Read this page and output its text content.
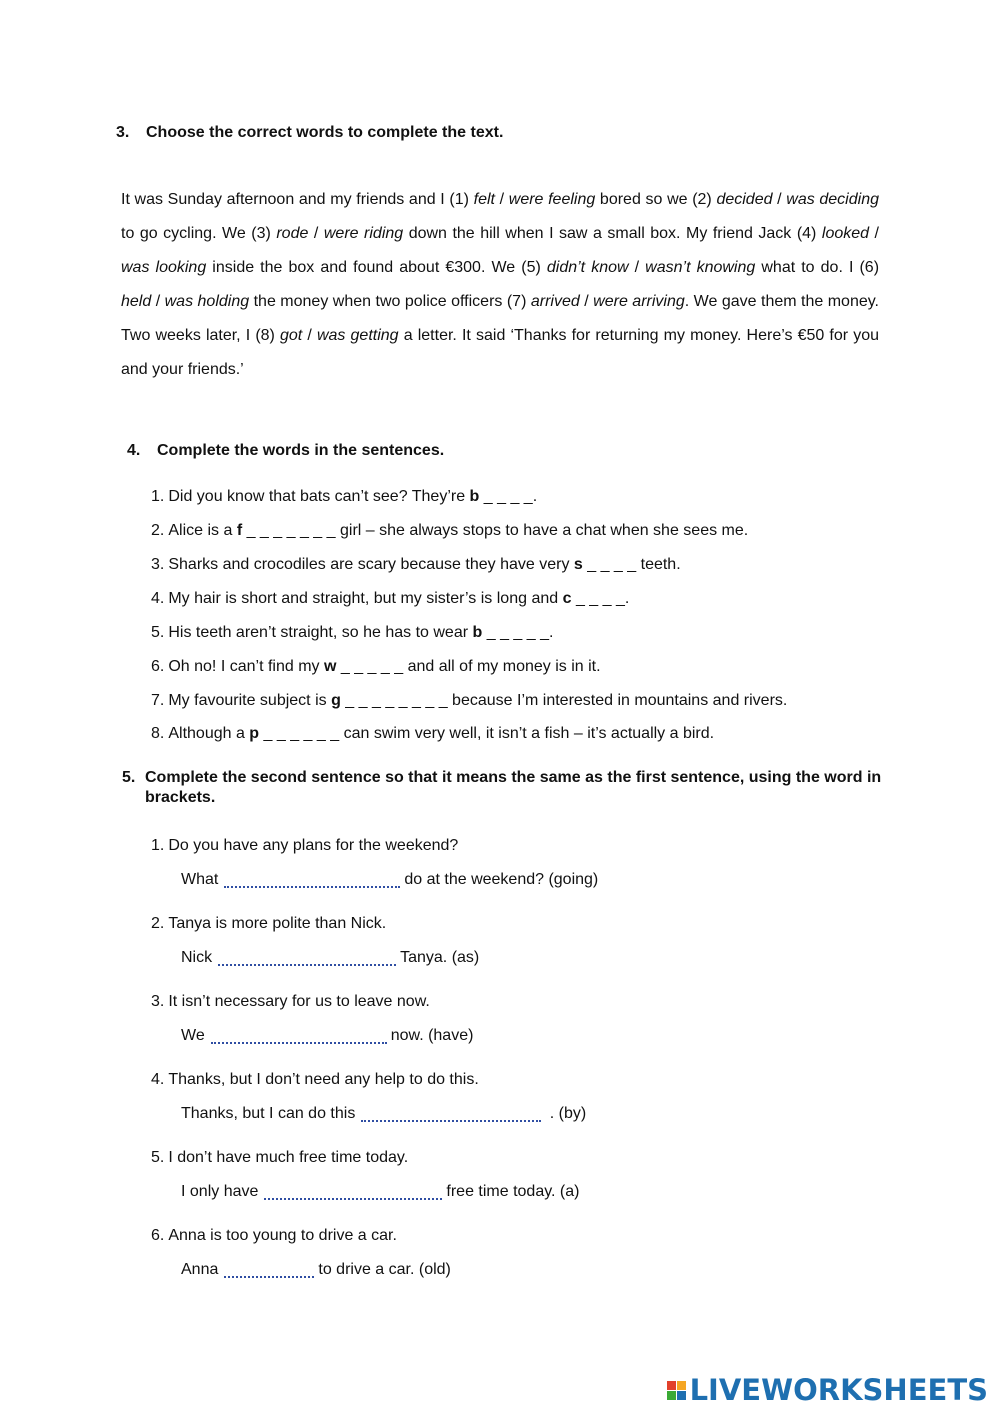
3. Choose the correct words to complete the text.
It was Sunday afternoon and my friends and I (1) felt / were feeling bored so we (2) decided / was deciding to go cycling. We (3) rode / were riding down the hill when I saw a small box. My friend Jack (4) looked / was looking inside the box and found about €300. We (5) didn’t know / wasn’t knowing what to do. I (6) held / was holding the money when two police officers (7) arrived / were arriving. We gave them the money. Two weeks later, I (8) got / was getting a letter. It said ‘Thanks for returning my money. Here’s €50 for you and your friends.’
4. Complete the words in the sentences.
1. Did you know that bats can’t see? They’re b _ _ _ _.
2. Alice is a f _ _ _ _ _ _ _ girl – she always stops to have a chat when she sees me.
3. Sharks and crocodiles are scary because they have very s _ _ _ _ teeth.
4. My hair is short and straight, but my sister’s is long and c _ _ _ _.
5. His teeth aren’t straight, so he has to wear b _ _ _ _ _.
6. Oh no! I can’t find my w _ _ _ _ _ and all of my money is in it.
7. My favourite subject is g _ _ _ _ _ _ _ _ because I’m interested in mountains and rivers.
8. Although a p _ _ _ _ _ _ can swim very well, it isn’t a fish – it’s actually a bird.
5. Complete the second sentence so that it means the same as the first sentence, using the word in brackets.
1. Do you have any plans for the weekend?
What	do at the weekend? (going)
2. Tanya is more polite than Nick.
Nick	Tanya. (as)
3. It isn’t necessary for us to leave now.
We	now. (have)
4. Thanks, but I don’t need any help to do this.
Thanks, but I can do this	. (by)
5. I don’t have much free time today.
I only have	free time today. (a)
6. Anna is too young to drive a car.
Anna	to drive a car. (old)
LIVEWORKSHEETS
